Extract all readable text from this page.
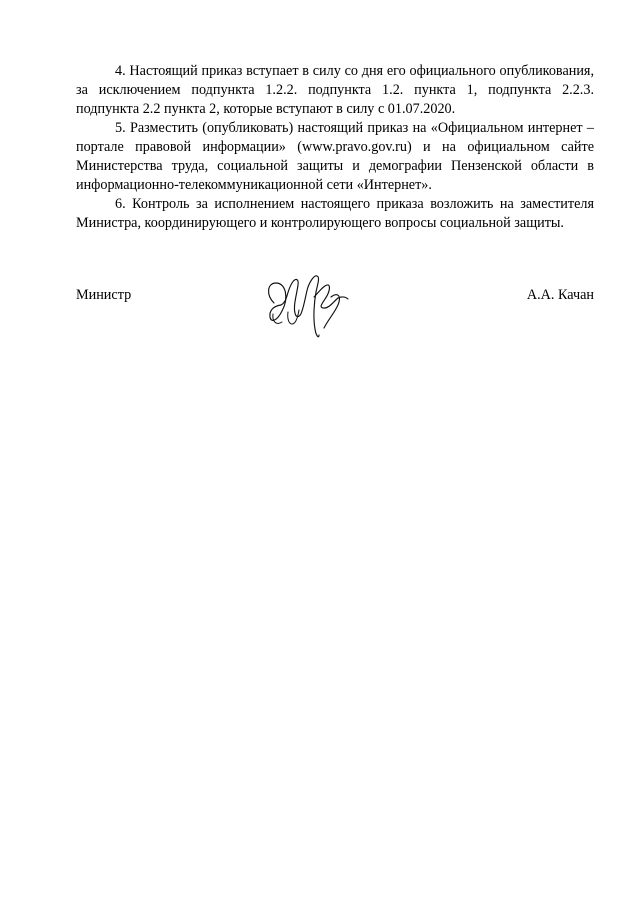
4. Настоящий приказ вступает в силу со дня его официального опубликования, за исключением подпункта 1.2.2. подпункта 1.2. пункта 1, подпункта 2.2.3. подпункта 2.2 пункта 2, которые вступают в силу с 01.07.2020.

5. Разместить (опубликовать) настоящий приказ на «Официальном интернет – портале правовой информации» (www.pravo.gov.ru) и на официальном сайте Министерства труда, социальной защиты и демографии Пензенской области в информационно-телекоммуникационной сети «Интернет».

6. Контроль за исполнением настоящего приказа возложить на заместителя Министра, координирующего и контролирующего вопросы социальной защиты.

Министр	А.А. Качан
